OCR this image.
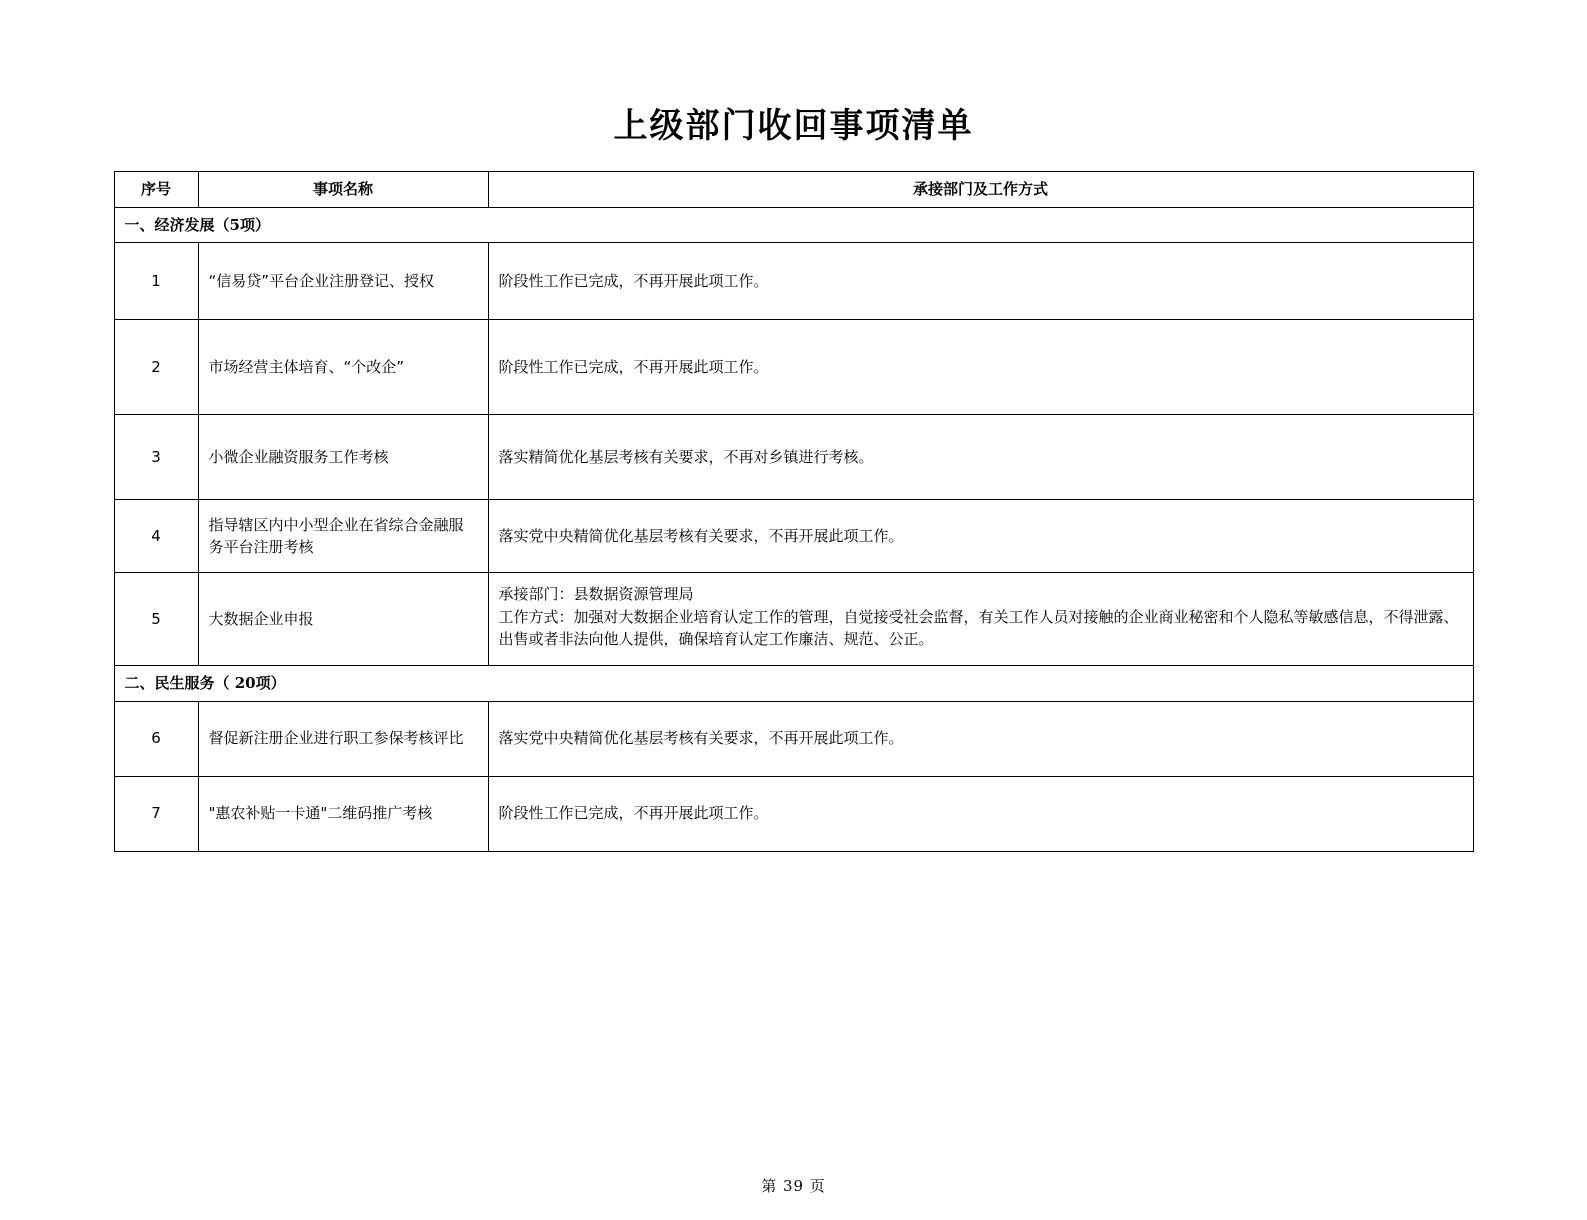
上级部门收回事项清单
序号	事项名称	承接部门及工作方式
一、经济发展（5项）		
1	“信易贷”平台企业注册登记、授权	阶段性工作已完成，不再开展此项工作。
2	市场经营主体培育、“个改企”	阶段性工作已完成，不再开展此项工作。
3	小微企业融资服务工作考核	落实精简优化基层考核有关要求，不再对乡镇进行考核。
4	指导辖区内中小型企业在省综合金融服务平台注册考核	落实党中央精简优化基层考核有关要求，不再开展此项工作。
5	大数据企业申报	承接部门：县数据资源管理局
工作方式：加强对大数据企业培育认定工作的管理，自觉接受社会监督，有关工作人员对接触的企业商业秘密和个人隐私等敏感信息，不得泄露、出售或者非法向他人提供，确保培育认定工作廉洁、规范、公正。

二、民生服务（ 20项）		
6	督促新注册企业进行职工参保考核评比	落实党中央精简优化基层考核有关要求，不再开展此项工作。
7	"惠农补贴一卡通"二维码推广考核	阶段性工作已完成，不再开展此项工作。
第 39 页
